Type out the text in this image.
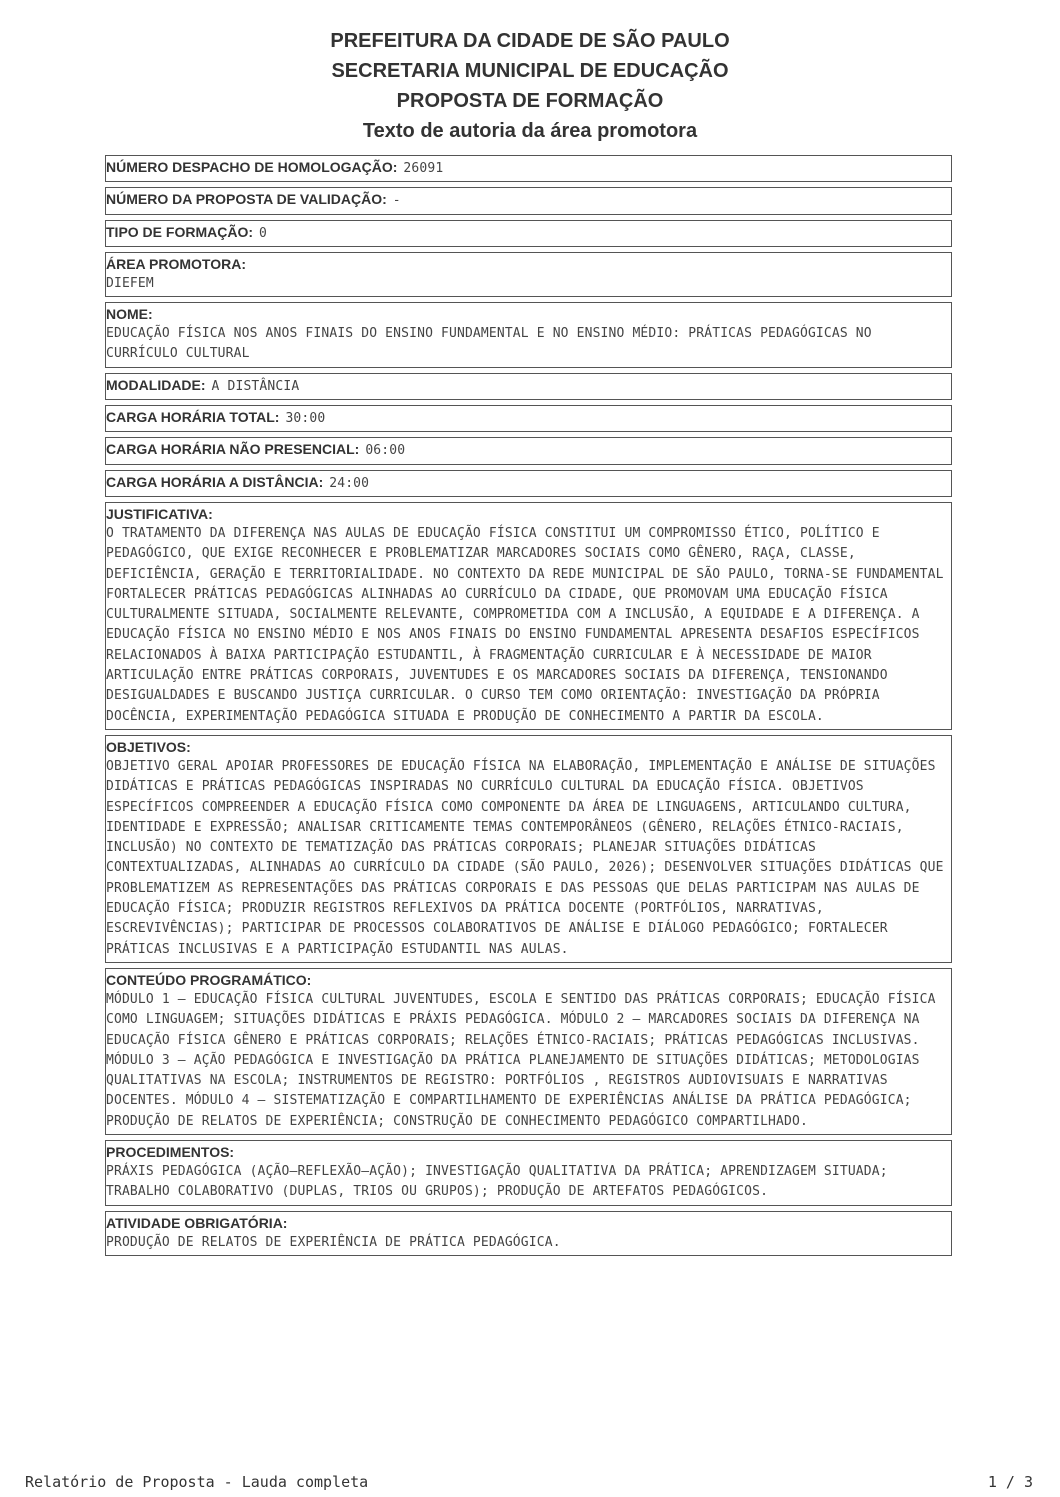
PREFEITURA DA CIDADE DE SÃO PAULO
SECRETARIA MUNICIPAL DE EDUCAÇÃO
PROPOSTA DE FORMAÇÃO
Texto de autoria da área promotora
NÚMERO DESPACHO DE HOMOLOGAÇÃO: 26091
NÚMERO DA PROPOSTA DE VALIDAÇÃO: -
TIPO DE FORMAÇÃO: 0
ÁREA PROMOTORA:
DIEFEM
NOME:
EDUCAÇÃO FÍSICA NOS ANOS FINAIS DO ENSINO FUNDAMENTAL E NO ENSINO MÉDIO: PRÁTICAS PEDAGÓGICAS NO CURRÍCULO CULTURAL
MODALIDADE: A DISTÂNCIA
CARGA HORÁRIA TOTAL: 30:00
CARGA HORÁRIA NÃO PRESENCIAL: 06:00
CARGA HORÁRIA A DISTÂNCIA: 24:00
JUSTIFICATIVA:
O TRATAMENTO DA DIFERENÇA NAS AULAS DE EDUCAÇÃO FÍSICA CONSTITUI UM COMPROMISSO ÉTICO, POLÍTICO E PEDAGÓGICO, QUE EXIGE RECONHECER E PROBLEMATIZAR MARCADORES SOCIAIS COMO GÊNERO, RAÇA, CLASSE, DEFICIÊNCIA, GERAÇÃO E TERRITORIALIDADE. NO CONTEXTO DA REDE MUNICIPAL DE SÃO PAULO, TORNA-SE FUNDAMENTAL FORTALECER PRÁTICAS PEDAGÓGICAS ALINHADAS AO CURRÍCULO DA CIDADE, QUE PROMOVAM UMA EDUCAÇÃO FÍSICA CULTURALMENTE SITUADA, SOCIALMENTE RELEVANTE, COMPROMETIDA COM A INCLUSÃO, A EQUIDADE E A DIFERENÇA. A EDUCAÇÃO FÍSICA NO ENSINO MÉDIO E NOS ANOS FINAIS DO ENSINO FUNDAMENTAL APRESENTA DESAFIOS ESPECÍFICOS RELACIONADOS À BAIXA PARTICIPAÇÃO ESTUDANTIL, À FRAGMENTAÇÃO CURRICULAR E À NECESSIDADE DE MAIOR ARTICULAÇÃO ENTRE PRÁTICAS CORPORAIS, JUVENTUDES E OS MARCADORES SOCIAIS DA DIFERENÇA, TENSIONANDO DESIGUALDADES E BUSCANDO JUSTIÇA CURRICULAR. O CURSO TEM COMO ORIENTAÇÃO: INVESTIGAÇÃO DA PRÓPRIA DOCÊNCIA, EXPERIMENTAÇÃO PEDAGÓGICA SITUADA E PRODUÇÃO DE CONHECIMENTO A PARTIR DA ESCOLA.
OBJETIVOS:
OBJETIVO GERAL APOIAR PROFESSORES DE EDUCAÇÃO FÍSICA NA ELABORAÇÃO, IMPLEMENTAÇÃO E ANÁLISE DE SITUAÇÕES DIDÁTICAS E PRÁTICAS PEDAGÓGICAS INSPIRADAS NO CURRÍCULO CULTURAL DA EDUCAÇÃO FÍSICA. OBJETIVOS ESPECÍFICOS COMPREENDER A EDUCAÇÃO FÍSICA COMO COMPONENTE DA ÁREA DE LINGUAGENS, ARTICULANDO CULTURA, IDENTIDADE E EXPRESSÃO; ANALISAR CRITICAMENTE TEMAS CONTEMPORÂNEOS (GÊNERO, RELAÇÕES ÉTNICO-RACIAIS, INCLUSÃO) NO CONTEXTO DE TEMATIZAÇÃO DAS PRÁTICAS CORPORAIS; PLANEJAR SITUAÇÕES DIDÁTICAS CONTEXTUALIZADAS, ALINHADAS AO CURRÍCULO DA CIDADE (SÃO PAULO, 2026); DESENVOLVER SITUAÇÕES DIDÁTICAS QUE PROBLEMATIZEM AS REPRESENTAÇÕES DAS PRÁTICAS CORPORAIS E DAS PESSOAS QUE DELAS PARTICIPAM NAS AULAS DE EDUCAÇÃO FÍSICA; PRODUZIR REGISTROS REFLEXIVOS DA PRÁTICA DOCENTE (PORTFÓLIOS, NARRATIVAS, ESCREVIVÊNCIAS); PARTICIPAR DE PROCESSOS COLABORATIVOS DE ANÁLISE E DIÁLOGO PEDAGÓGICO; FORTALECER PRÁTICAS INCLUSIVAS E A PARTICIPAÇÃO ESTUDANTIL NAS AULAS.
CONTEÚDO PROGRAMÁTICO:
MÓDULO 1 — EDUCAÇÃO FÍSICA CULTURAL JUVENTUDES, ESCOLA E SENTIDO DAS PRÁTICAS CORPORAIS; EDUCAÇÃO FÍSICA COMO LINGUAGEM; SITUAÇÕES DIDÁTICAS E PRÁXIS PEDAGÓGICA. MÓDULO 2 — MARCADORES SOCIAIS DA DIFERENÇA NA EDUCAÇÃO FÍSICA GÊNERO E PRÁTICAS CORPORAIS; RELAÇÕES ÉTNICO-RACIAIS; PRÁTICAS PEDAGÓGICAS INCLUSIVAS. MÓDULO 3 — AÇÃO PEDAGÓGICA E INVESTIGAÇÃO DA PRÁTICA PLANEJAMENTO DE SITUAÇÕES DIDÁTICAS; METODOLOGIAS QUALITATIVAS NA ESCOLA; INSTRUMENTOS DE REGISTRO: PORTFÓLIOS , REGISTROS AUDIOVISUAIS E NARRATIVAS DOCENTES. MÓDULO 4 — SISTEMATIZAÇÃO E COMPARTILHAMENTO DE EXPERIÊNCIAS ANÁLISE DA PRÁTICA PEDAGÓGICA; PRODUÇÃO DE RELATOS DE EXPERIÊNCIA; CONSTRUÇÃO DE CONHECIMENTO PEDAGÓGICO COMPARTILHADO.
PROCEDIMENTOS:
PRÁXIS PEDAGÓGICA (AÇÃO—REFLEXÃO—AÇÃO); INVESTIGAÇÃO QUALITATIVA DA PRÁTICA; APRENDIZAGEM SITUADA; TRABALHO COLABORATIVO (DUPLAS, TRIOS OU GRUPOS); PRODUÇÃO DE ARTEFATOS PEDAGÓGICOS.
ATIVIDADE OBRIGATÓRIA:
PRODUÇÃO DE RELATOS DE EXPERIÊNCIA DE PRÁTICA PEDAGÓGICA.
Relatório de Proposta - Lauda completa	1 / 3
